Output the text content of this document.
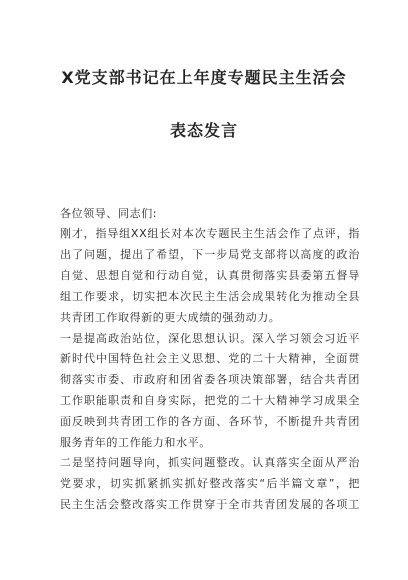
X党支部书记在上年度专题民主生活会
表态发言
各位领导、同志们:
刚才，指导组XX组长对本次专题民主生活会作了点评，指
出了问题，提出了希望，下一步局党支部将以高度的政治
自觉、思想自觉和行动自觉，认真贯彻落实县委第五督导
组工作要求，切实把本次民主生活会成果转化为推动全县
共青团工作取得新的更大成绩的强劲动力。
一是提高政治站位，深化思想认识。深入学习领会习近平
新时代中国特色社会主义思想、党的二十大精神，全面贯
彻落实市委、市政府和团省委各项决策部署，结合共青团
工作职能职责和自身实际，把党的二十大精神学习成果全
面反映到共青团工作的各方面、各环节，不断提升共青团
服务青年的工作能力和水平。
二是坚持问题导向，抓实问题整改。认真落实全面从严治
党要求，切实抓紧抓实抓好整改落实“后半篇文章”，把
民主生活会整改落实工作贯穿于全市共青团发展的各项工
